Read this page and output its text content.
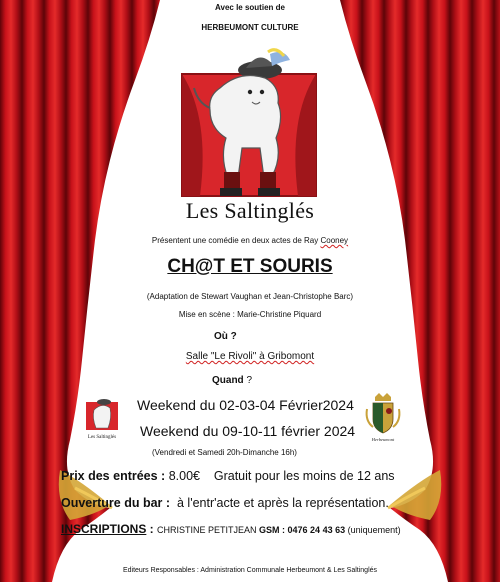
Avec le soutien de
HERBEUMONT CULTURE
Les Saltinglés
Présentent une comédie en deux actes de Ray Cooney
CH@T ET SOURIS
(Adaptation de Stewart Vaughan et Jean-Christophe Barc)
Mise en scène : Marie-Christine Piquard
Où ?
Salle "Le Rivoli" à Gribomont
Quand ?
Les Saltinglés
Weekend du 02-03-04 Février2024
Weekend du 09-10-11 février 2024
Herbeumont
(Vendredi et Samedi 20h-Dimanche 16h)
Prix des entrées : 8.00€    Gratuit pour les moins de 12 ans
Ouverture du bar :  à l'entr'acte et après la représentation.
INSCRIPTIONS : CHRISTINE PETITJEAN GSM : 0476 24 43 63 (uniquement)
Editeurs Responsables : Administration Communale Herbeumont & Les Saltinglés
